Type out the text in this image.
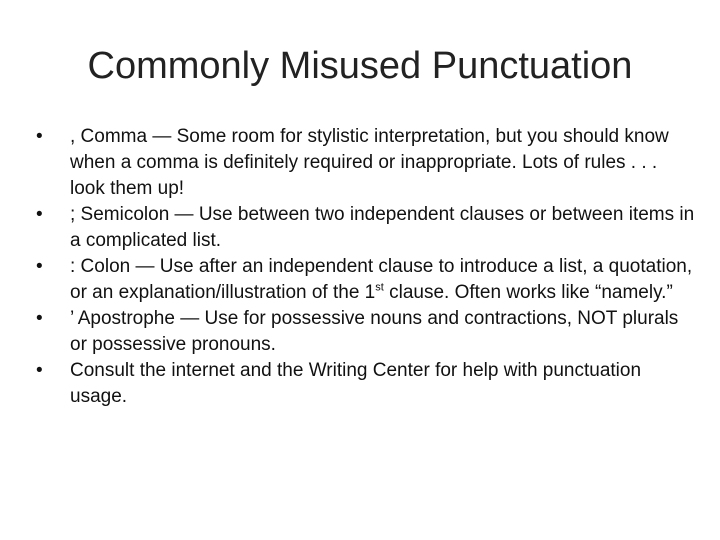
Commonly Misused Punctuation
•	, Comma — Some room for stylistic interpretation, but you should know when a comma is definitely required or inappropriate. Lots of rules . . . look them up!
•	; Semicolon — Use between two independent clauses or between items in a complicated list.
•	: Colon — Use after an independent clause to introduce a list, a quotation, or an explanation/illustration of the 1st clause. Often works like “namely.”
•	’ Apostrophe — Use for possessive nouns and contractions, NOT plurals or possessive pronouns.
•	Consult the internet and the Writing Center for help with punctuation usage.
